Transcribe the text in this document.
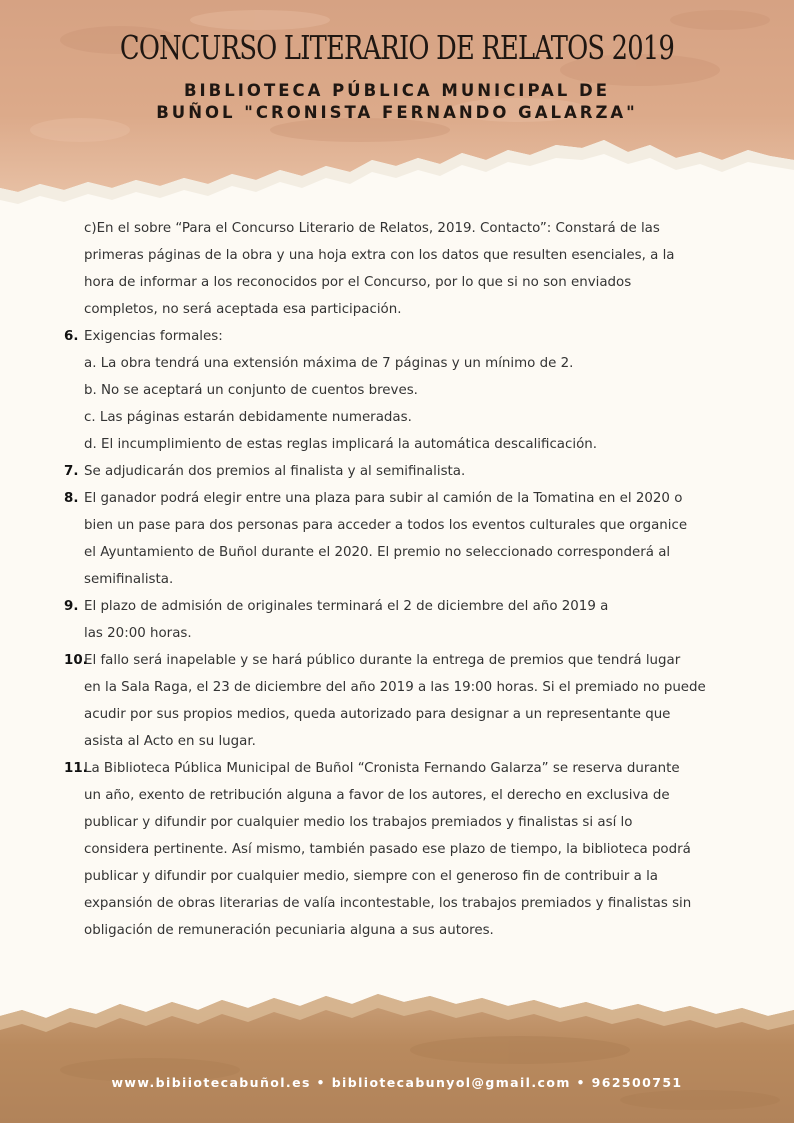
CONCURSO LITERARIO DE RELATOS 2019
BIBLIOTECA PÚBLICA MUNICIPAL DE
BUÑOL "CRONISTA FERNANDO GALARZA"
c)En el sobre “Para el Concurso Literario de Relatos, 2019. Contacto”: Constará de las
primeras páginas de la obra y una hoja extra con los datos que resulten esenciales, a la
hora de informar a los reconocidos por el Concurso, por lo que si no son enviados
completos, no será aceptada esa participación.
6. Exigencias formales:
a. La obra tendrá una extensión máxima de 7 páginas y un mínimo de 2.
b. No se aceptará un conjunto de cuentos breves.
c. Las páginas estarán debidamente numeradas.
d. El incumplimiento de estas reglas implicará la automática descalificación.
7. Se adjudicarán dos premios al finalista y al semifinalista.
8. El ganador podrá elegir entre una plaza para subir al camión de la Tomatina en el 2020 o
bien un pase para dos personas para acceder a todos los eventos culturales que organice
el Ayuntamiento de Buñol durante el 2020. El premio no seleccionado corresponderá al
semifinalista.
9. El plazo de admisión de originales terminará el 2 de diciembre del año 2019 a
las 20:00 horas.
10.
El fallo será inapelable y se hará público durante la entrega de premios que tendrá lugar
en la Sala Raga, el 23 de diciembre del año 2019 a las 19:00 horas. Si el premiado no puede
acudir por sus propios medios, queda autorizado para designar a un representante que
asista al Acto en su lugar.
11.
La Biblioteca Pública Municipal de Buñol “Cronista Fernando Galarza” se reserva durante
un año, exento de retribución alguna a favor de los autores, el derecho en exclusiva de
publicar y difundir por cualquier medio los trabajos premiados y finalistas si así lo
considera pertinente. Así mismo, también pasado ese plazo de tiempo, la biblioteca podrá
publicar y difundir por cualquier medio, siempre con el generoso fin de contribuir a la
expansión de obras literarias de valía incontestable, los trabajos premiados y finalistas sin
obligación de remuneración pecuniaria alguna a sus autores.
www.bibiiotecabuñol.es • bibliotecabunyol@gmail.com • 962500751
